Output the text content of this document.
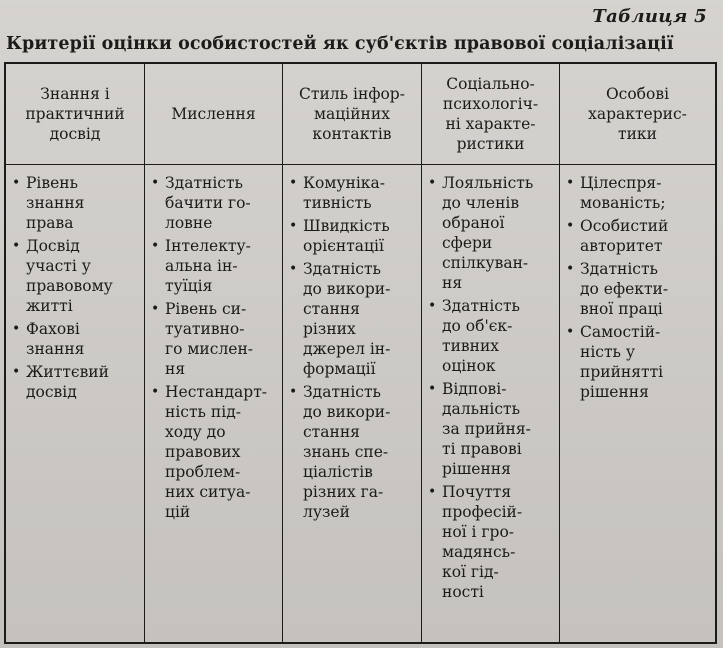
Таблиця 5
Критерії оцінки особистостей як суб'єктів правової соціалізації
Знання і
практичний
досвід
Мислення
Стиль інфор-
маційних
контактів
Соціально-
психологіч-
ні характе-
ристики
Особові
характерис-
тики
• Рівень
знання
права
• Досвід
участі у
правовому
житті
• Фахові
знання
• Життєвий
досвід
• Здатність
бачити го-
ловне
• Інтелекту-
альна ін-
туїція
• Рівень си-
туативно-
го мислен-
ня
• Нестандарт-
ність під-
ходу до
правових
проблем-
них ситуа-
цій
• Комуніка-
тивність
• Швидкість
орієнтації
• Здатність
до викори-
стання
різних
джерел ін-
формації
• Здатність
до викори-
стання
знань спе-
ціалістів
різних га-
лузей
• Лояльність
до членів
обраної
сфери
спілкуван-
ня
• Здатність
до об'єк-
тивних
оцінок
• Відпові-
дальність
за прийня-
ті правові
рішення
• Почуття
професій-
ної і гро-
мадянсь-
кої гід-
ності
• Цілеспря-
мованість;
• Особистий
авторитет
• Здатність
до ефекти-
вної праці
• Самостій-
ність у
прийнятті
рішення
